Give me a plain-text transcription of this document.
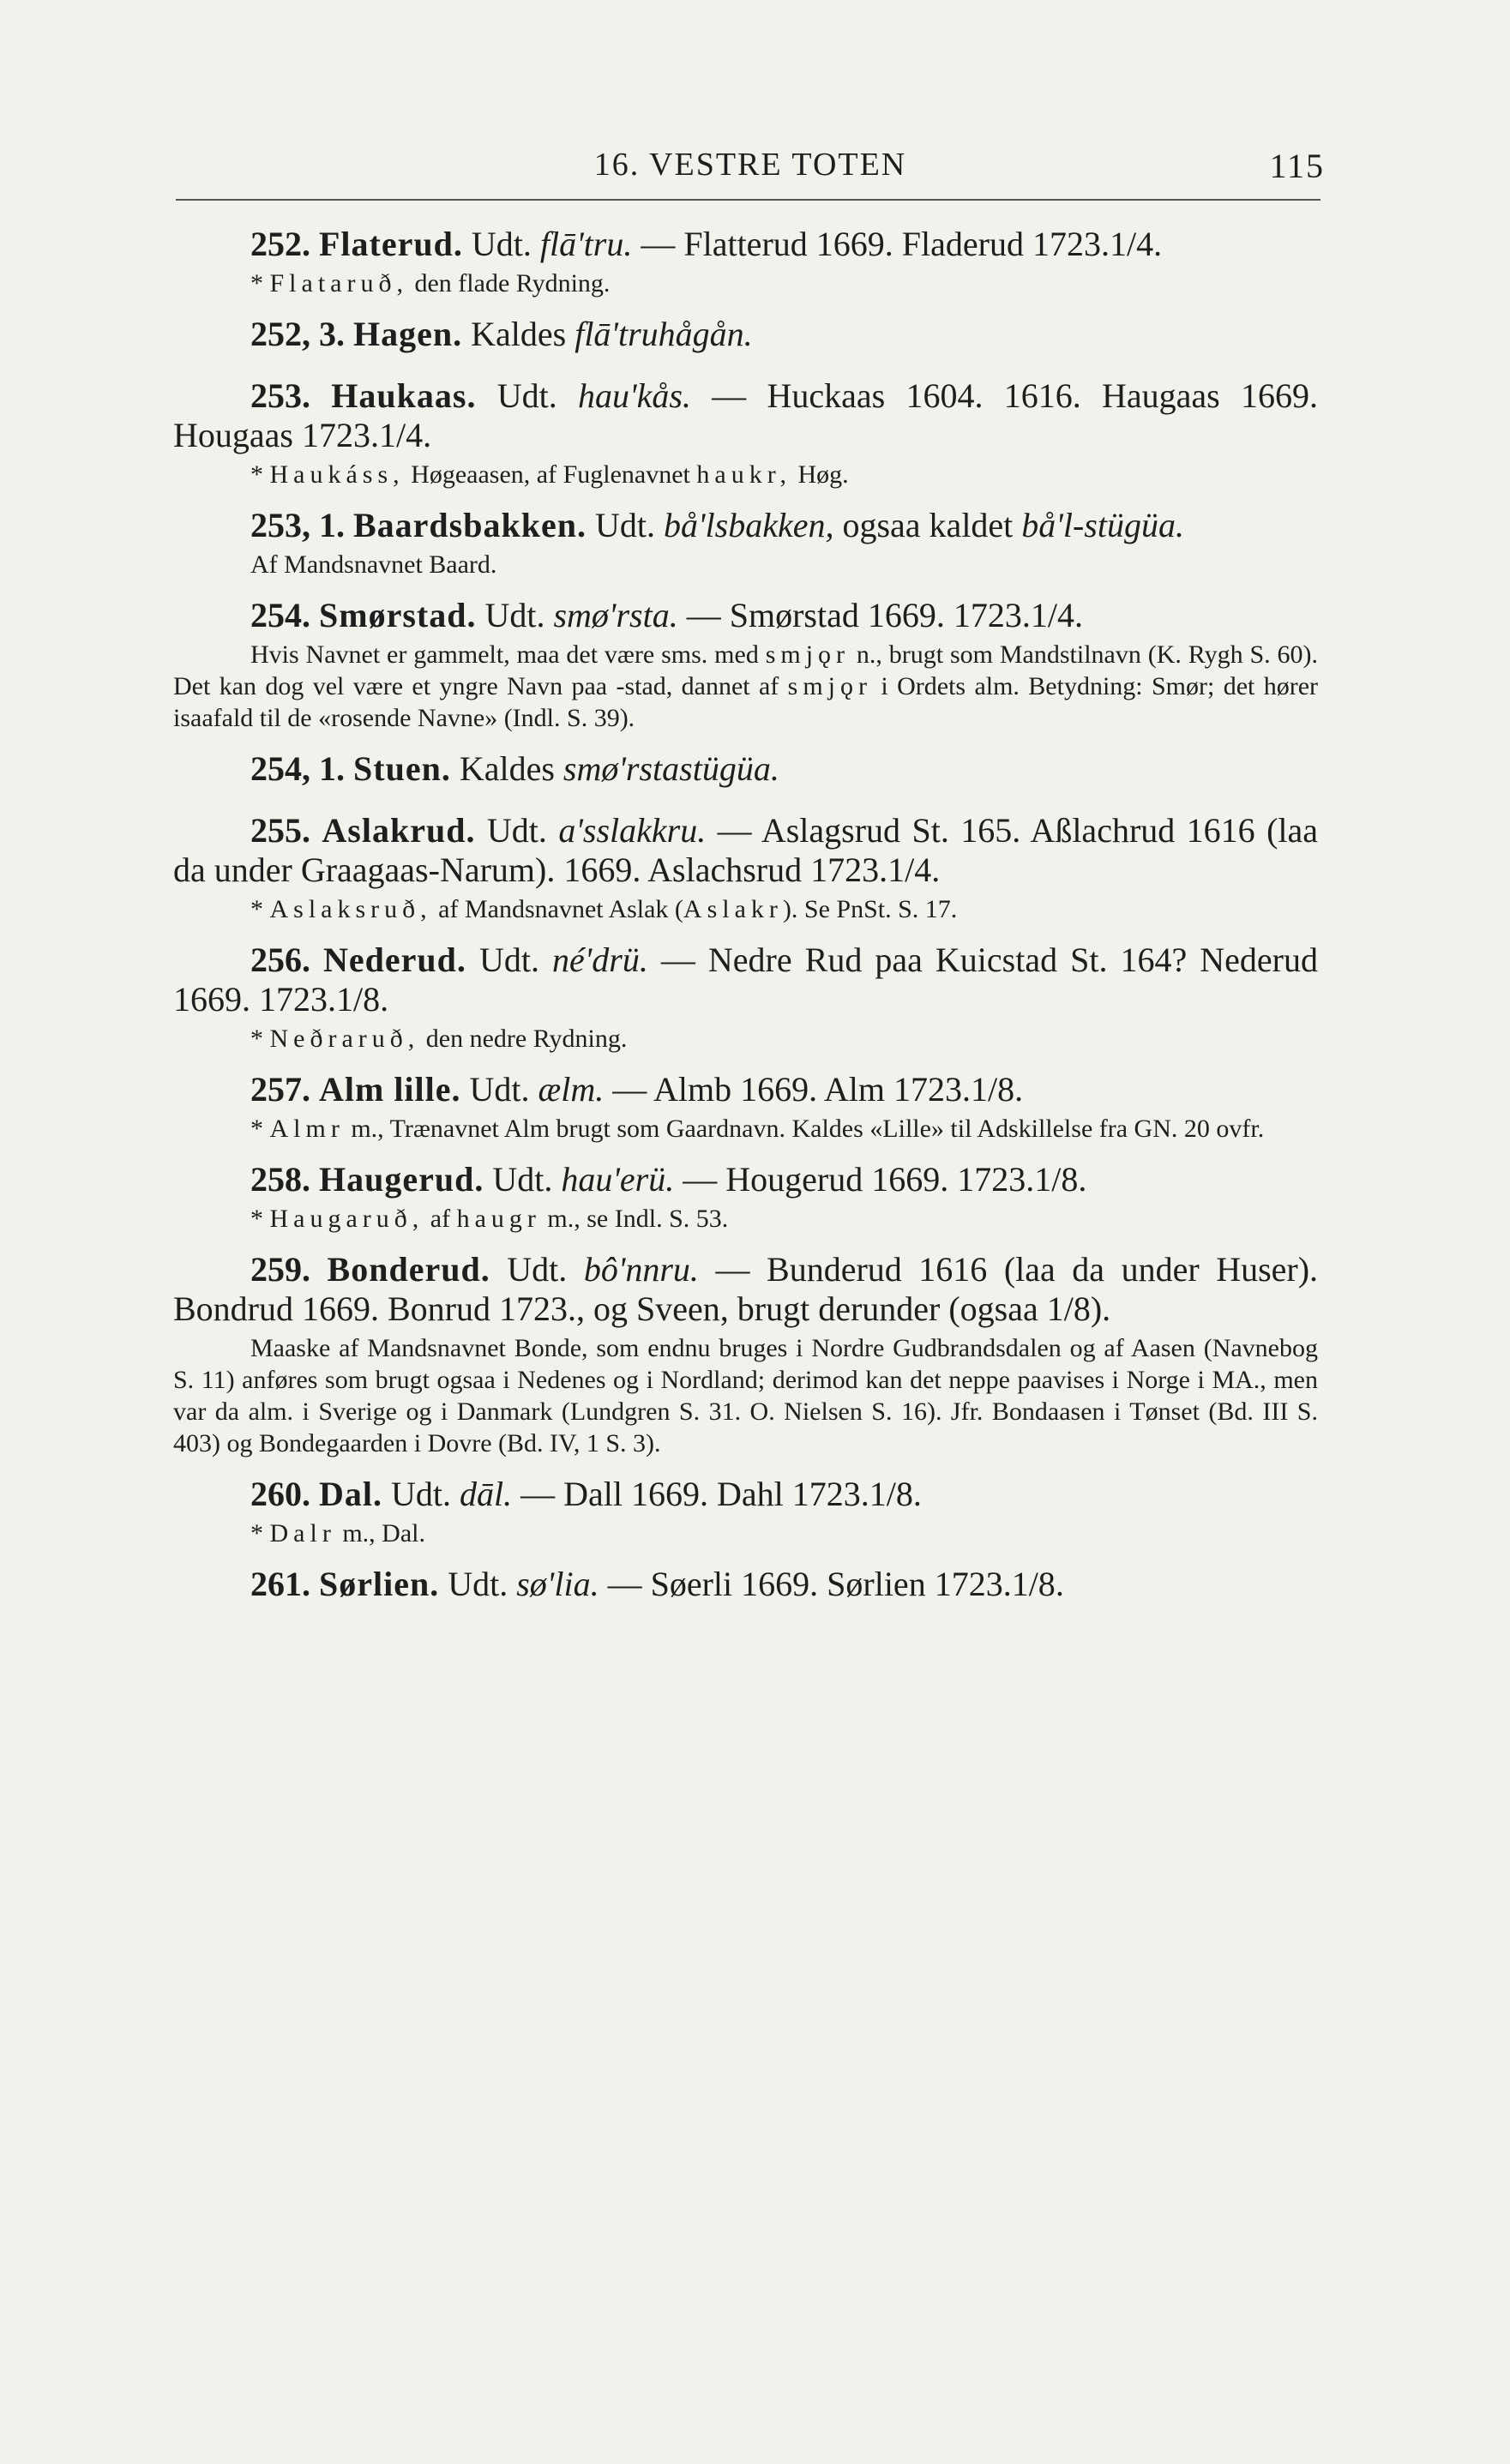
16. VESTRE TOTEN	115

252. Flaterud. Udt. flā'tru. — Flatterud 1669. Fladerud 1723.1/4.

* Flatаruð, den flade Rydning.

252, 3. Hagen. Kaldes flā'truhågån.

253. Haukaas. Udt. hau'kås. — Huckaas 1604. 1616. Haugaas 1669. Hougaas 1723.1/4.

* Haukáss, Høgeaasen, af Fuglenavnet haukr, Høg.

253, 1. Baardsbakken. Udt. bå'lsbakken, ogsaa kaldet bå'l-stügüa.

Af Mandsnavnet Baard.

254. Smørstad. Udt. smø'rsta. — Smørstad 1669. 1723.1/4.

Hvis Navnet er gammelt, maa det være sms. med smjǫr n., brugt som Mandstilnavn (K. Rygh S. 60). Det kan dog vel være et yngre Navn paa -stad, dannet af smjǫr i Ordets alm. Betydning: Smør; det hører isaafald til de «rosende Navne» (Indl. S. 39).

254, 1. Stuen. Kaldes smø'rstastügüa.

255. Aslakrud. Udt. a'sslakkru. — Aslagsrud St. 165. Aßlachrud 1616 (laa da under Graagaas-Narum). 1669. Aslachsrud 1723.1/4.

* Aslaksruð, af Mandsnavnet Aslak (Aslakr). Se PnSt. S. 17.

256. Nederud. Udt. né'drü. — Nedre Rud paa Kuicstad St. 164? Nederud 1669. 1723.1/8.

* Neðraruð, den nedre Rydning.

257. Alm lille. Udt. ælm. — Almb 1669. Alm 1723.1/8.

* Almr m., Trænavnet Alm brugt som Gaardnavn. Kaldes «Lille» til Adskillelse fra GN. 20 ovfr.

258. Haugerud. Udt. hau'erü. — Hougerud 1669. 1723.1/8.

* Haugaruð, af haugr m., se Indl. S. 53.

259. Bonderud. Udt. bô'nnru. — Bunderud 1616 (laa da under Huser). Bondrud 1669. Bonrud 1723., og Sveen, brugt derunder (ogsaa 1/8).

Maaske af Mandsnavnet Bonde, som endnu bruges i Nordre Gudbrandsdalen og af Aasen (Navnebog S. 11) anføres som brugt ogsaa i Nedenes og i Nordland; derimod kan det neppe paavises i Norge i MA., men var da alm. i Sverige og i Danmark (Lundgren S. 31. O. Nielsen S. 16). Jfr. Bondaasen i Tønset (Bd. III S. 403) og Bondegaarden i Dovre (Bd. IV, 1 S. 3).

260. Dal. Udt. dāl. — Dall 1669. Dahl 1723.1/8.

* Dalr m., Dal.

261. Sørlien. Udt. sø'lia. — Søerli 1669. Sørlien 1723.1/8.
